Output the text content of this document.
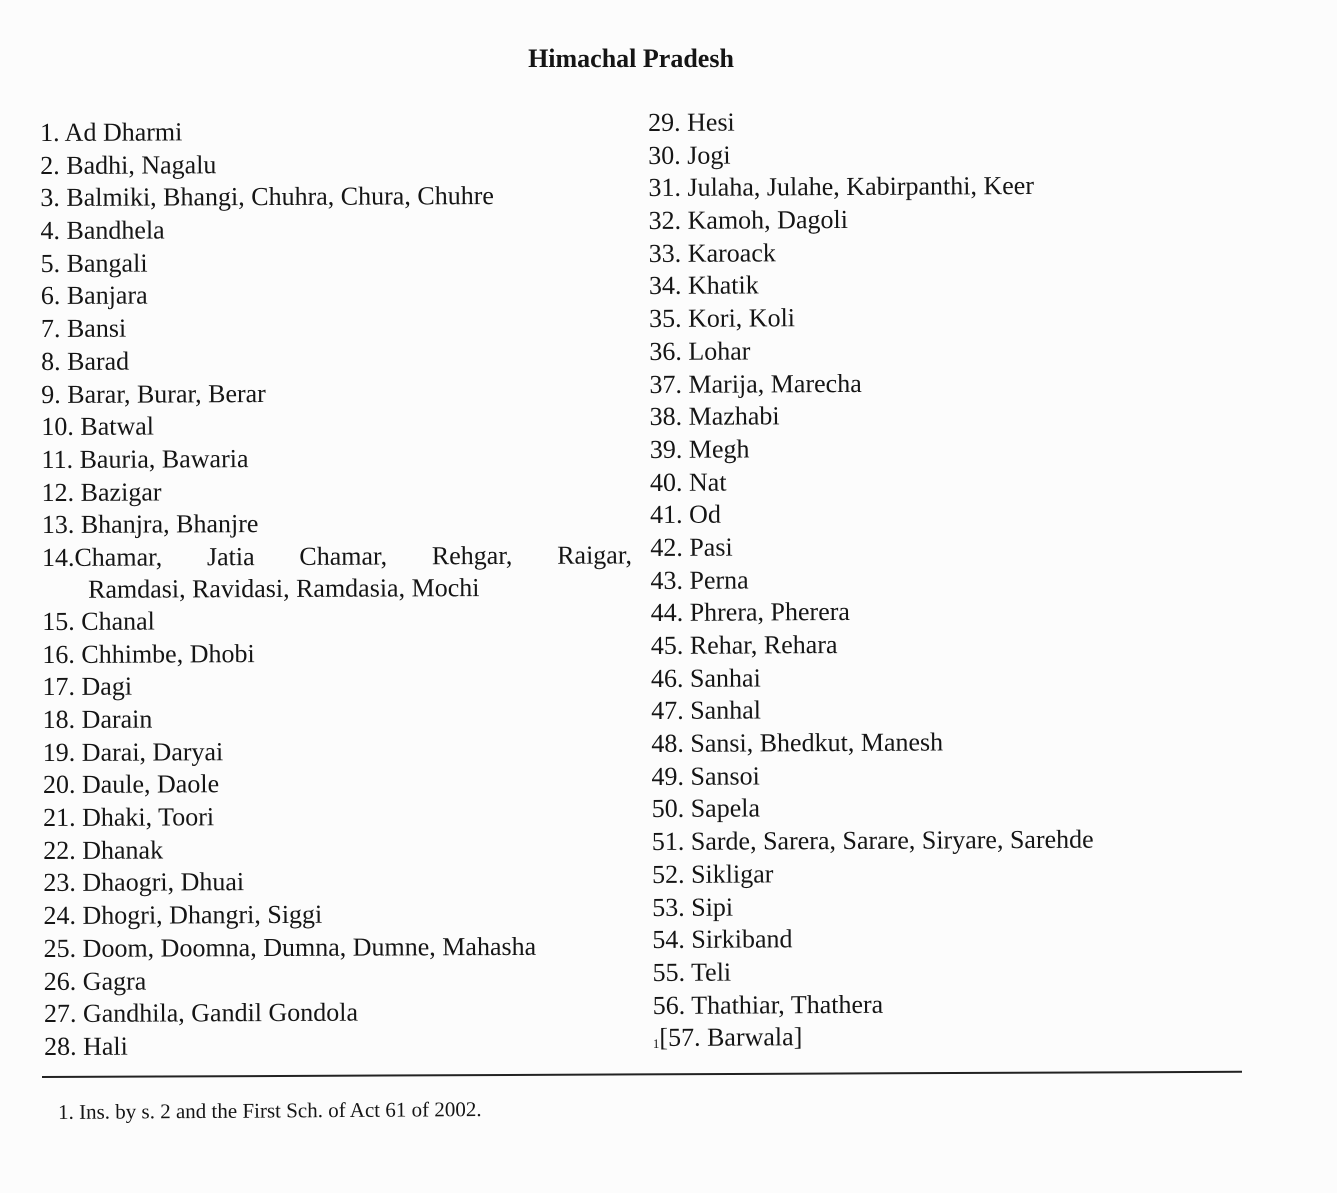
Himachal Pradesh
1. Ad Dharmi
2. Badhi, Nagalu
3. Balmiki, Bhangi, Chuhra, Chura, Chuhre
4. Bandhela
5. Bangali
6. Banjara
7. Bansi
8. Barad
9. Barar, Burar, Berar
10. Batwal
11. Bauria, Bawaria
12. Bazigar
13. Bhanjra, Bhanjre
14.Chamar, Jatia Chamar, Rehgar, Raigar,
Ramdasi, Ravidasi, Ramdasia, Mochi
15. Chanal
16. Chhimbe, Dhobi
17. Dagi
18. Darain
19. Darai, Daryai
20. Daule, Daole
21. Dhaki, Toori
22. Dhanak
23. Dhaogri, Dhuai
24. Dhogri, Dhangri, Siggi
25. Doom, Doomna, Dumna, Dumne, Mahasha
26. Gagra
27. Gandhila, Gandil Gondola
28. Hali
29. Hesi
30. Jogi
31. Julaha, Julahe, Kabirpanthi, Keer
32. Kamoh, Dagoli
33. Karoack
34. Khatik
35. Kori, Koli
36. Lohar
37. Marija, Marecha
38. Mazhabi
39. Megh
40. Nat
41. Od
42. Pasi
43. Perna
44. Phrera, Pherera
45. Rehar, Rehara
46. Sanhai
47. Sanhal
48. Sansi, Bhedkut, Manesh
49. Sansoi
50. Sapela
51. Sarde, Sarera, Sarare, Siryare, Sarehde
52. Sikligar
53. Sipi
54. Sirkiband
55. Teli
56. Thathiar, Thathera
1[57. Barwala]
1. Ins. by s. 2 and the First Sch. of Act 61 of 2002.
